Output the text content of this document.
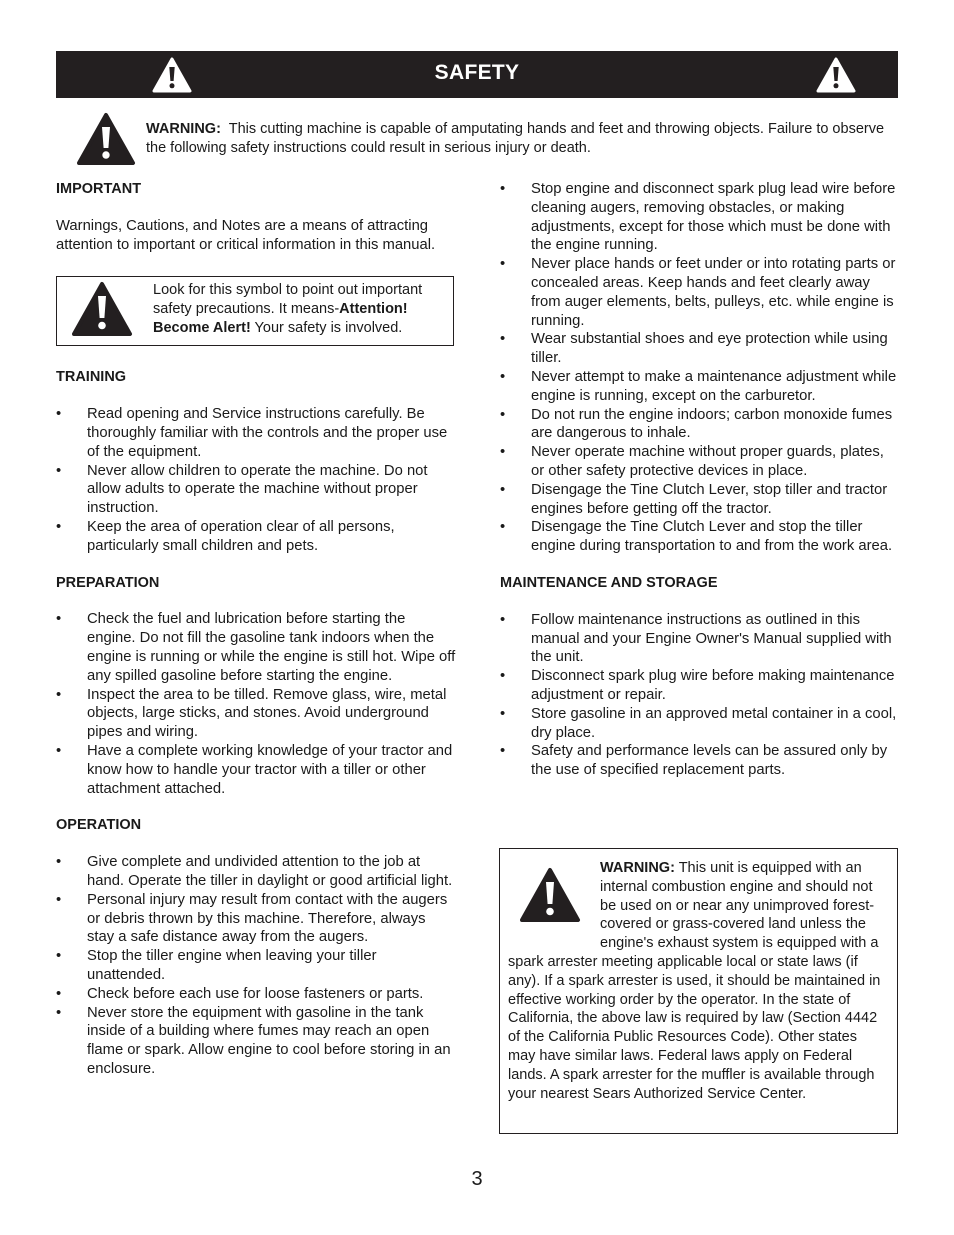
SAFETY
WARNING: This cutting machine is capable of amputating hands and feet and throwing objects. Failure to observe the following safety instructions could result in serious injury or death.
IMPORTANT
Warnings, Cautions, and Notes are a means of attracting attention to important or critical information in this manual.
Look for this symbol to point out important safety precautions. It means-Attention! Become Alert! Your safety is involved.
TRAINING
• Read opening and Service instructions carefully. Be thoroughly familiar with the controls and the proper use of the equipment.
• Never allow children to operate the machine. Do not allow adults to operate the machine without proper instruction.
• Keep the area of operation clear of all persons, particularly small children and pets.
PREPARATION
• Check the fuel and lubrication before starting the engine. Do not fill the gasoline tank indoors when the engine is running or while the engine is still hot. Wipe off any spilled gasoline before starting the engine.
• Inspect the area to be tilled. Remove glass, wire, metal objects, large sticks, and stones. Avoid underground pipes and wiring.
• Have a complete working knowledge of your tractor and know how to handle your tractor with a tiller or other attachment attached.
OPERATION
• Give complete and undivided attention to the job at hand. Operate the tiller in daylight or good artificial light.
• Personal injury may result from contact with the augers or debris thrown by this machine. Therefore, always stay a safe distance away from the augers.
• Stop the tiller engine when leaving your tiller unattended.
• Check before each use for loose fasteners or parts.
• Never store the equipment with gasoline in the tank inside of a building where fumes may reach an open flame or spark. Allow engine to cool before storing in an enclosure.
• Stop engine and disconnect spark plug lead wire before cleaning augers, removing obstacles, or making adjustments, except for those which must be done with the engine running.
• Never place hands or feet under or into rotating parts or concealed areas. Keep hands and feet clearly away from auger elements, belts, pulleys, etc. while engine is running.
• Wear substantial shoes and eye protection while using tiller.
• Never attempt to make a maintenance adjustment while engine is running, except on the carburetor.
• Do not run the engine indoors; carbon monoxide fumes are dangerous to inhale.
• Never operate machine without proper guards, plates, or other safety protective devices in place.
• Disengage the Tine Clutch Lever, stop tiller and tractor engines before getting off the tractor.
• Disengage the Tine Clutch Lever and stop the tiller engine during transportation to and from the work area.
MAINTENANCE AND STORAGE
• Follow maintenance instructions as outlined in this manual and your Engine Owner's Manual supplied with the unit.
• Disconnect spark plug wire before making maintenance adjustment or repair.
• Store gasoline in an approved metal container in a cool, dry place.
• Safety and performance levels can be assured only by the use of specified replacement parts.
WARNING: This unit is equipped with an internal combustion engine and should not be used on or near any unimproved forest-covered or grass-covered land unless the engine's exhaust system is equipped with a spark arrester meeting applicable local or state laws (if any). If a spark arrester is used, it should be maintained in effective working order by the operator. In the state of California, the above law is required by law (Section 4442 of the California Public Resources Code). Other states may have similar laws. Federal laws apply on Federal lands. A spark arrester for the muffler is available through your nearest Sears Authorized Service Center.
3
